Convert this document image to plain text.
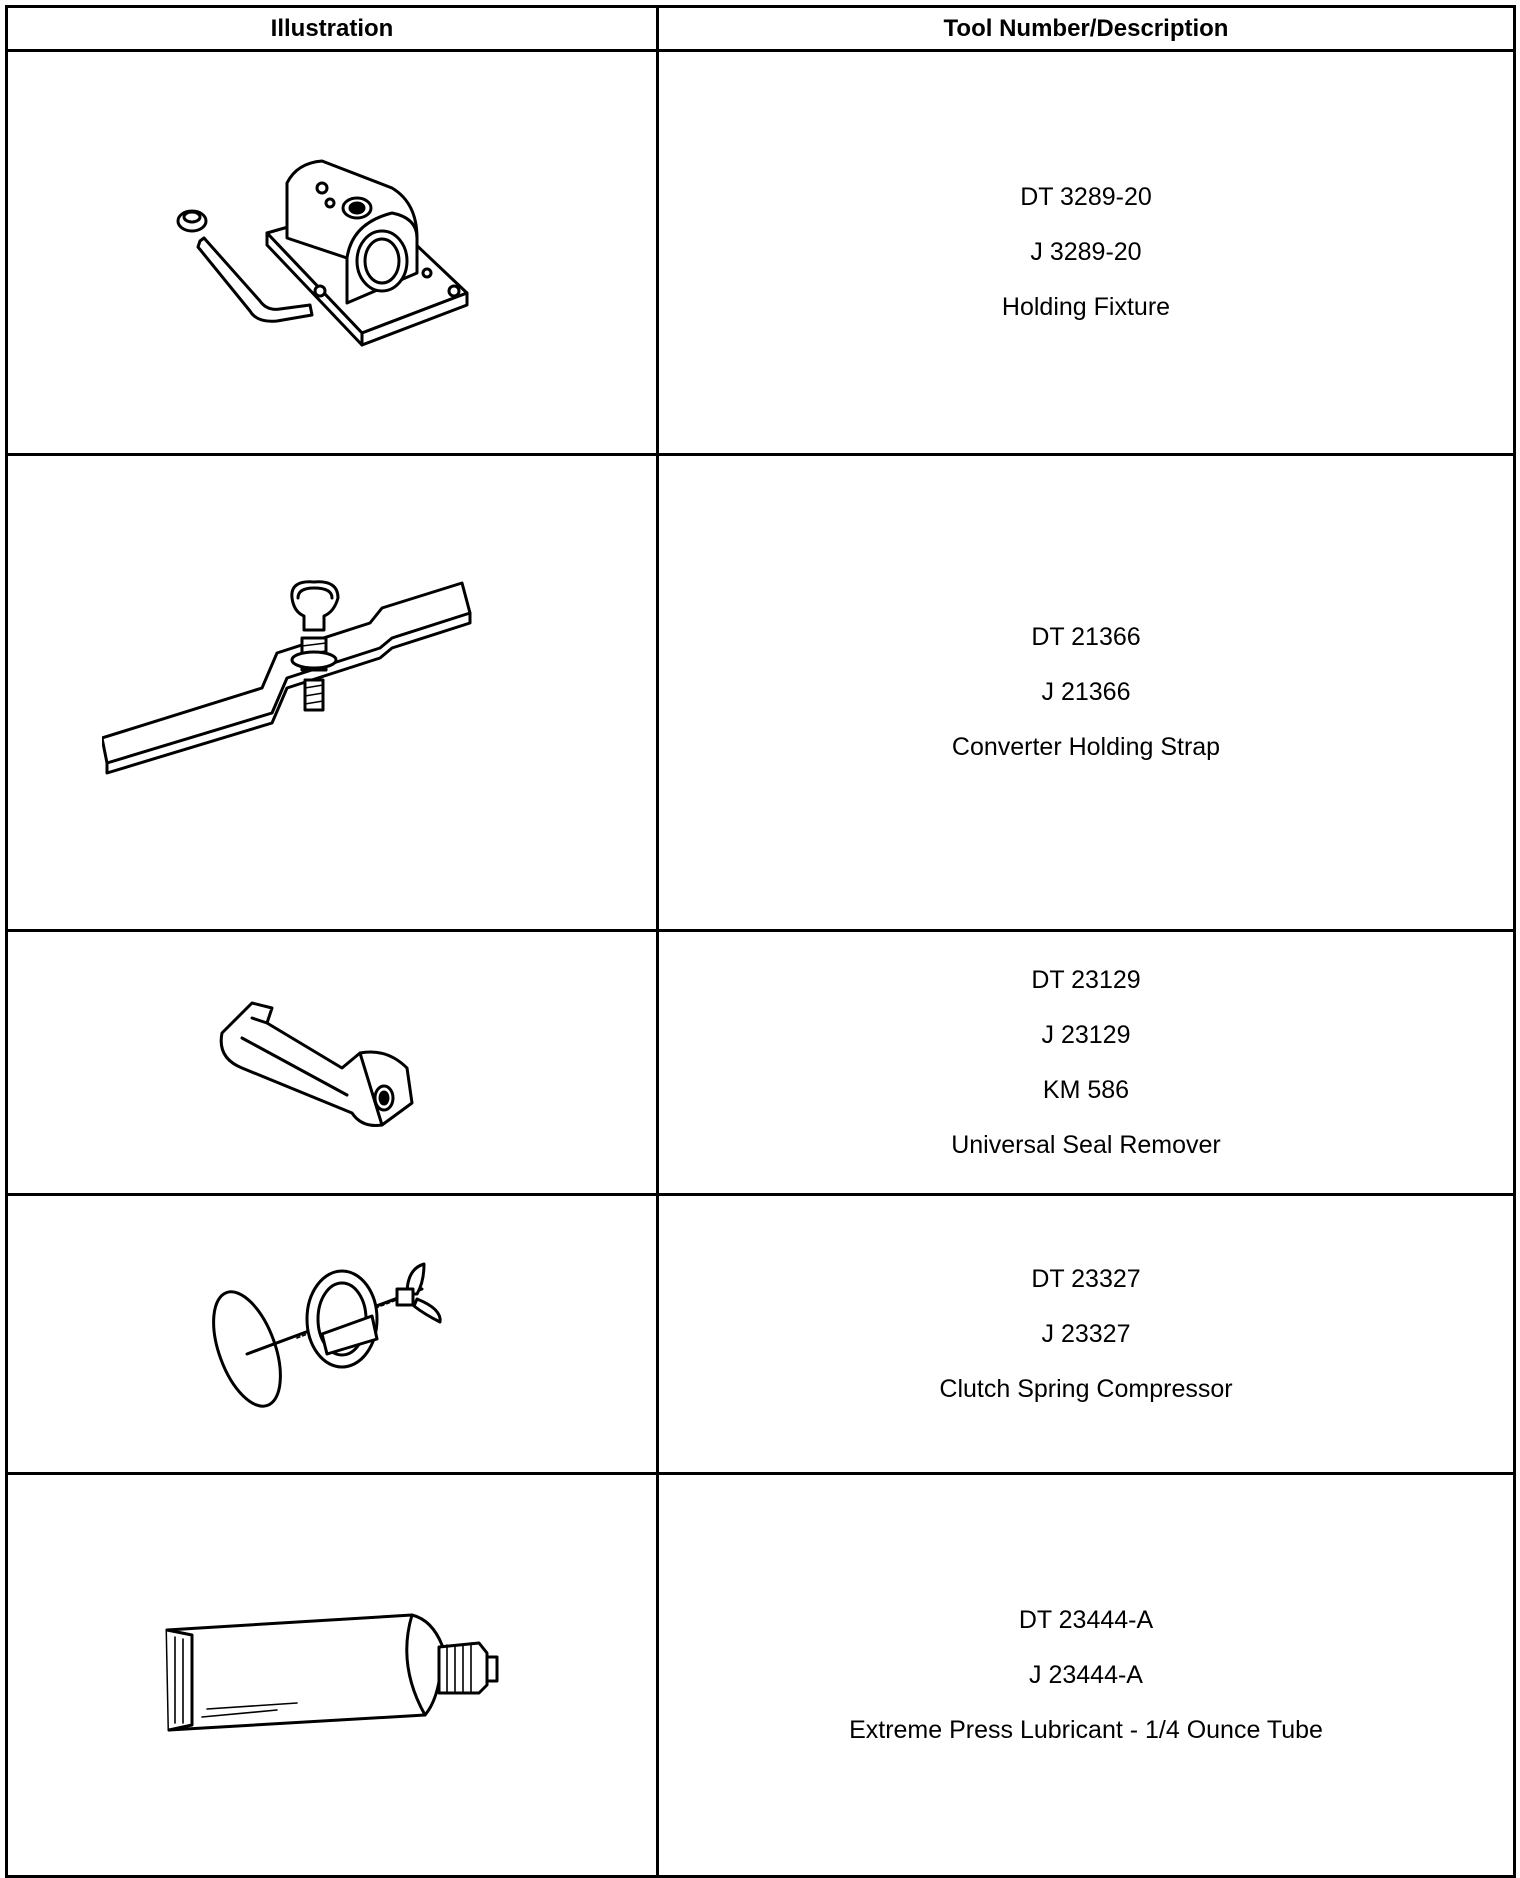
Illustration	Tool Number/Description

DT 3289-20
J 3289-20
Holding Fixture

DT 21366
J 21366
Converter Holding Strap

DT 23129
J 23129
KM 586
Universal Seal Remover

DT 23327
J 23327
Clutch Spring Compressor

DT 23444-A
J 23444-A
Extreme Press Lubricant - 1/4 Ounce Tube
